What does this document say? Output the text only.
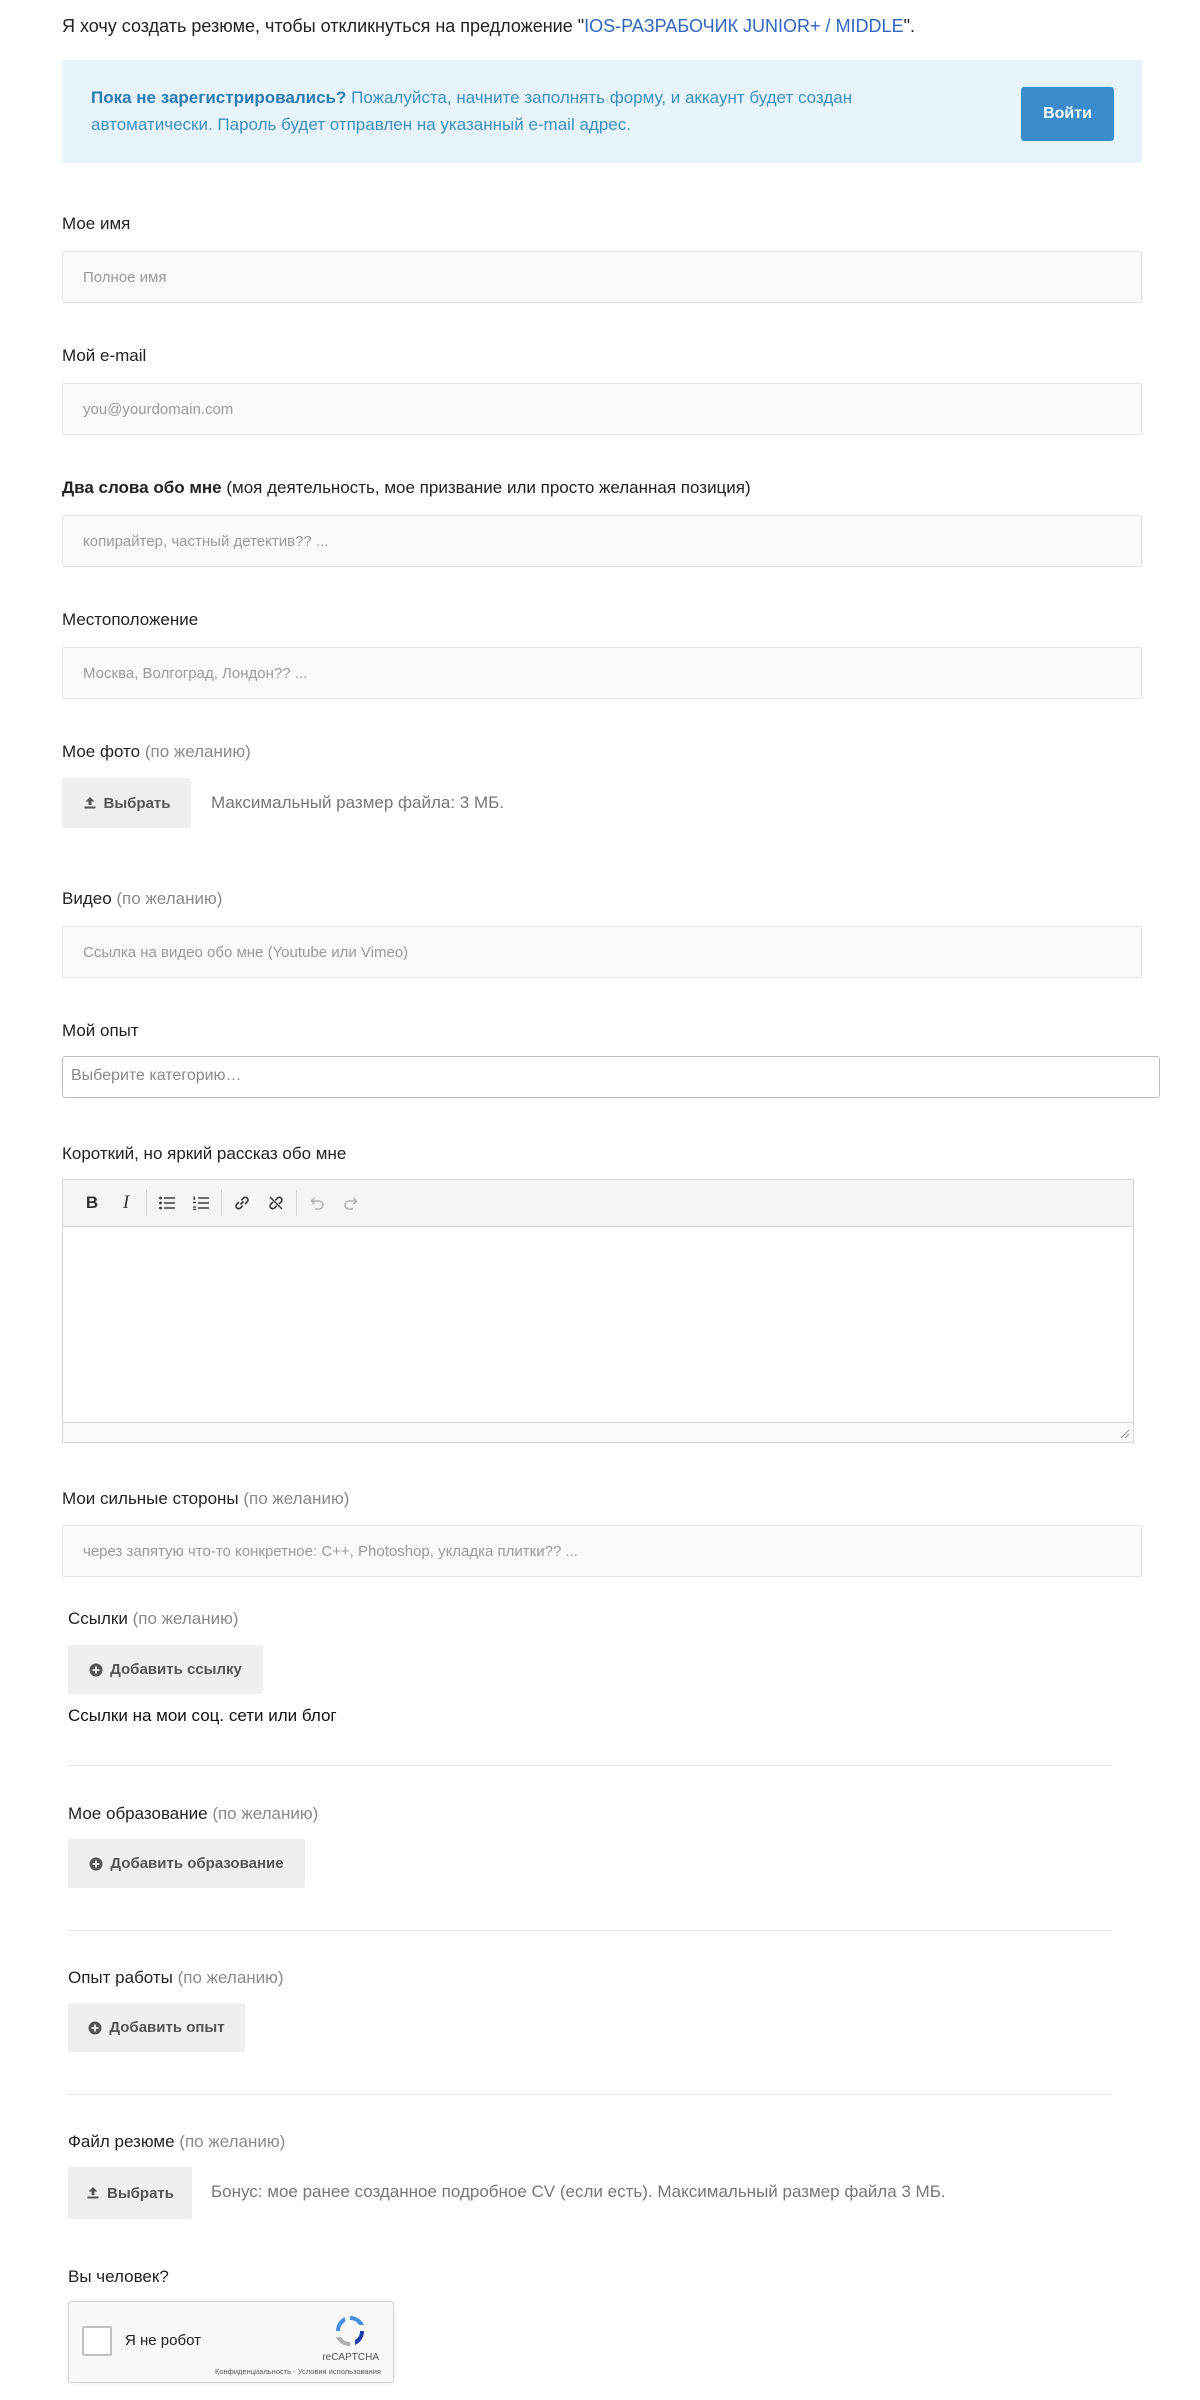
Я хочу создать резюме, чтобы откликнуться на предложение "IOS-РАЗРАБОЧИК JUNIOR+ / MIDDLE".
Пока не зарегистрировались? Пожалуйста, начните заполнять форму, и аккаунт будет создан автоматически. Пароль будет отправлен на указанный e-mail адрес.
Войти
Мое имя
Полное имя
Мой e-mail
you@yourdomain.com
Два слова обо мне (моя деятельность, мое призвание или просто желанная позиция)
копирайтер, частный детектив?? ...
Местоположение
Москва, Волгоград, Лондон?? ...
Мое фото (по желанию)
Выбрать Максимальный размер файла: 3 МБ.
Видео (по желанию)
Ссылка на видео обо мне (Youtube или Vimeo)
Мой опыт
Выберите категорию…
Короткий, но яркий рассказ обо мне
B	I
Мои сильные стороны (по желанию)
через запятую что-то конкретное: C++, Photoshop, укладка плитки?? ...
Ссылки (по желанию)
Добавить ссылку
Ссылки на мои соц. сети или блог
Мое образование (по желанию)
Добавить образование
Опыт работы (по желанию)
Добавить опыт
Файл резюме (по желанию)
Выбрать Бонус: мое ранее созданное подробное CV (если есть). Максимальный размер файла 3 МБ.
Вы человек?
Я не робот
reCAPTCHA
Конфиденциальность - Условия использования
